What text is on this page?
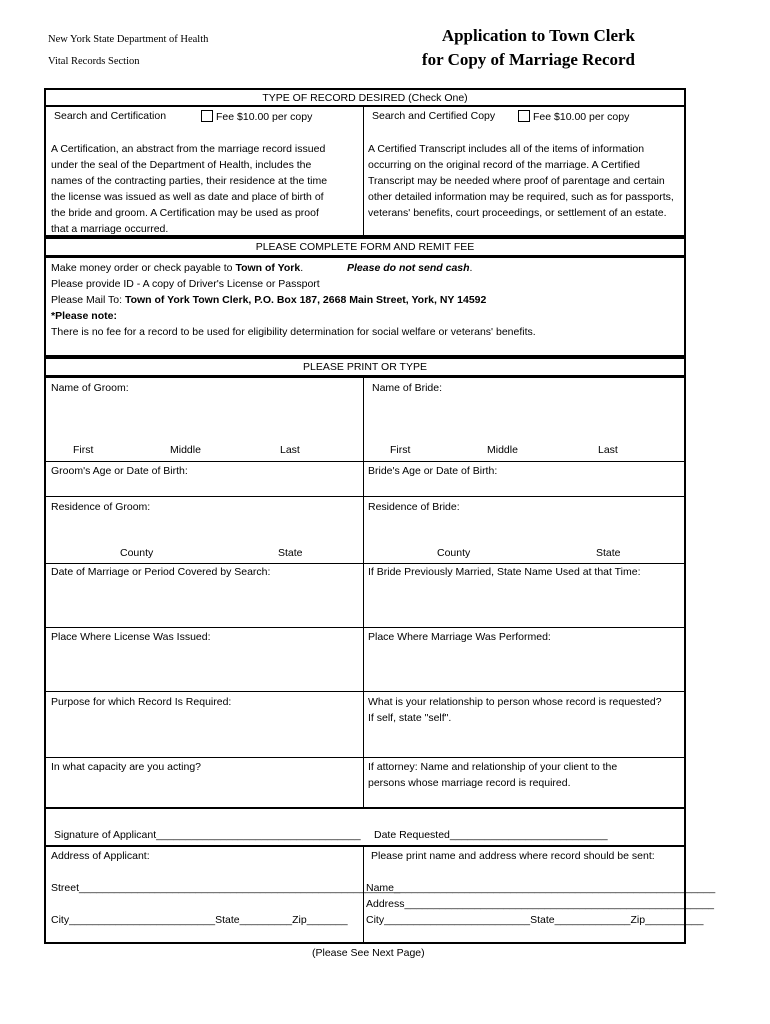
New York State Department of Health
Vital Records Section
Application to Town Clerk
for Copy of Marriage Record
TYPE OF RECORD DESIRED (Check One)
Search and Certification	Fee $10.00 per copy	Search and Certified Copy	Fee $10.00 per copy
A Certification, an abstract from the marriage record issued
under the seal of the Department of Health, includes the
names of the contracting parties, their residence at the time
the license was issued as well as date and place of birth of
the bride and groom. A Certification may be used as proof
that a marriage occurred.
A Certified Transcript includes all of the items of information
occurring on the original record of the marriage. A Certified
Transcript may be needed where proof of parentage and certain
other detailed information may be required, such as for passports,
veterans' benefits, court proceedings, or settlement of an estate.
PLEASE COMPLETE FORM AND REMIT FEE
Make money order or check payable to Town of York.	Please do not send cash.
Please provide ID - A copy of Driver's License or Passport
Please Mail To: Town of York Town Clerk, P.O. Box 187, 2668 Main Street, York, NY 14592
*Please note:
There is no fee for a record to be used for eligibility determination for social welfare or veterans' benefits.
PLEASE PRINT OR TYPE
Name of Groom:	Name of Bride:
First	Middle	Last	First	Middle	Last
Groom's Age or Date of Birth:	Bride's Age or Date of Birth:
Residence of Groom:	Residence of Bride:
County	State	County	State
Date of Marriage or Period Covered by Search:	If Bride Previously Married, State Name Used at that Time:
Place Where License Was Issued:	Place Where Marriage Was Performed:
Purpose for which Record Is Required:	What is your relationship to person whose record is requested?
If self, state "self".
In what capacity are you acting?	If attorney: Name and relationship of your client to the
persons whose marriage record is required.
Signature of Applicant___________________________________ Date Requested___________________________
Address of Applicant:	Please print name and address where record should be sent:
Street_______________________________________________________
City_________________________State_________Zip_______
Name_______________________________________________________
Address_____________________________________________________
City_________________________State_____________Zip__________
(Please See Next Page)
